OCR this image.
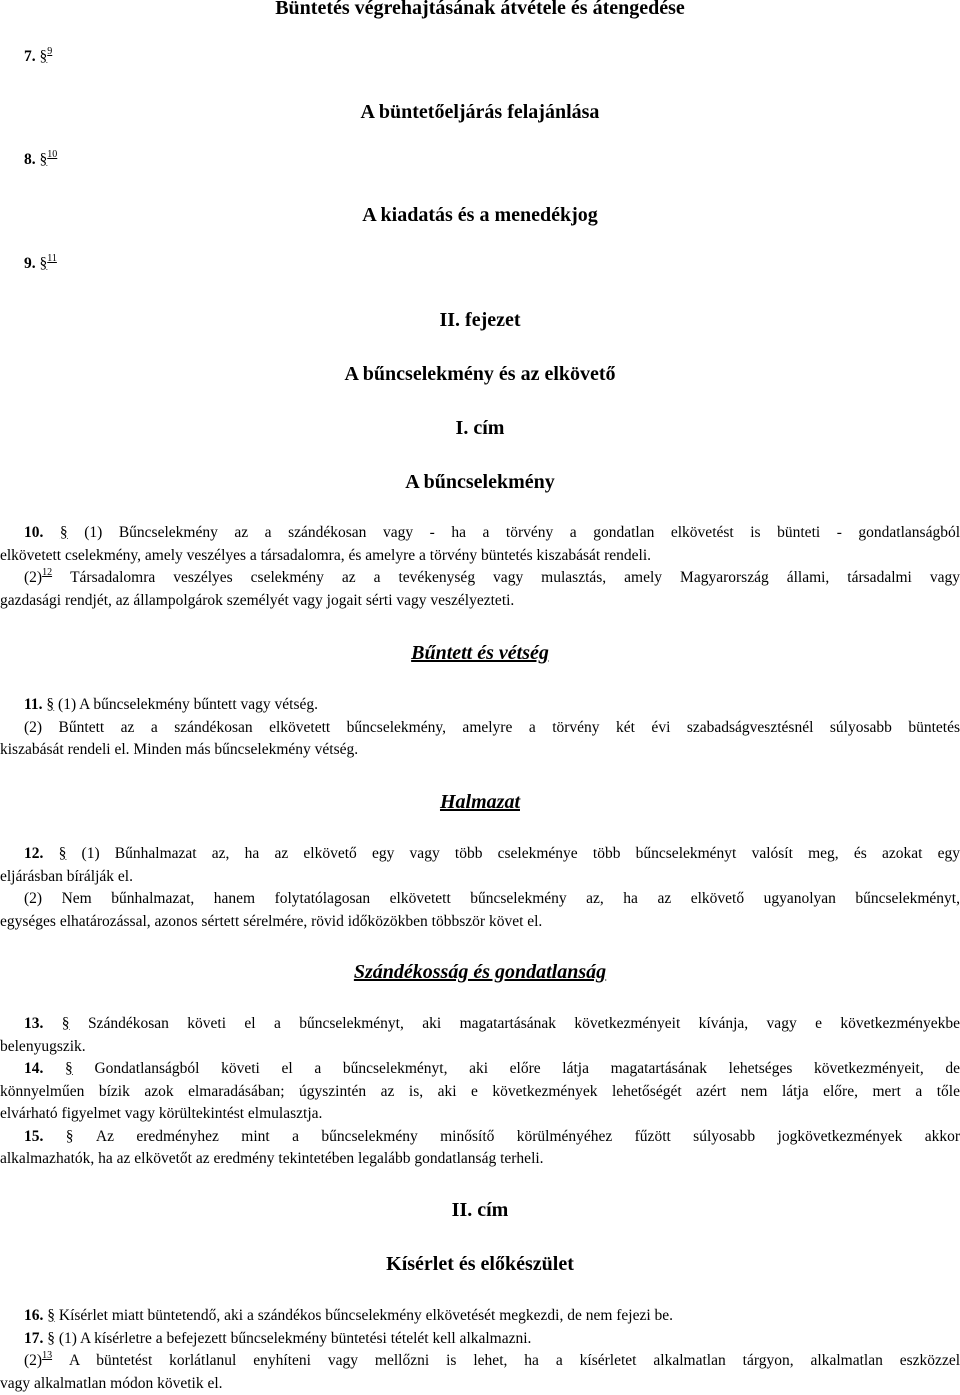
Büntetés végrehajtásának átvétele és átengedése
7. §$^9$
A büntetőeljárás felajánlása
8. §$^{10}$
A kiadatás és a menedékjog
9. §$^{11}$
II. fejezet
A bűncselekmény és az elkövető
I. cím
A bűncselekmény
10. § (1) Bűncselekmény az a szándékosan vagy - ha a törvény a gondatlan elkövetést is bünteti - gondatlanságból
elkövetett cselekmény, amely veszélyes a társadalomra, és amelyre a törvény büntetés kiszabását rendeli.
$(2)^{12}$ Társadalomra veszélyes cselekmény az a tevékenység vagy mulasztás, amely Magyarország állami, társadalmi vagy
gazdasági rendjét, az állampolgárok személyét vagy jogait sérti vagy veszélyezteti.
Bűntett és vétség
11. § (1) A bűncselekmény bűntett vagy vétség.
(2) Bűntett az a szándékosan elkövetett bűncselekmény, amelyre a törvény két évi szabadságvesztésnél súlyosabb büntetés
kiszabását rendeli el. Minden más bűncselekmény vétség.
Halmazat
12. § (1) Bűnhalmazat az, ha az elkövető egy vagy több cselekménye több bűncselekményt valósít meg, és azokat egy
eljárásban bírálják el.
(2) Nem bűnhalmazat, hanem folytatólagosan elkövetett bűncselekmény az, ha az elkövető ugyanolyan bűncselekményt,
egységes elhatározással, azonos sértett sérelmére, rövid időközökben többször követ el.
Szándékosság és gondatlanság
13. § Szándékosan követi el a bűncselekményt, aki magatartásának következményeit kívánja, vagy e következményekbe
belenyugszik.
14. § Gondatlanságból követi el a bűncselekményt, aki előre látja magatartásának lehetséges következményeit, de
könnyelműen bízik azok elmaradásában; úgyszintén az is, aki e következmények lehetőségét azért nem látja előre, mert a tőle
elvárható figyelmet vagy körültekintést elmulasztja.
15. § Az eredményhez mint a bűncselekmény minősítő körülményéhez fűzött súlyosabb jogkövetkezmények akkor
alkalmazhatók, ha az elkövetőt az eredmény tekintetében legalább gondatlanság terheli.
II. cím
Kísérlet és előkészület
16. § Kísérlet miatt büntetendő, aki a szándékos bűncselekmény elkövetését megkezdi, de nem fejezi be.
17. § (1) A kísérletre a befejezett bűncselekmény büntetési tételét kell alkalmazni.
$(2)^{13}$ A büntetést korlátlanul enyhíteni vagy mellőzni is lehet, ha a kísérletet alkalmatlan tárgyon, alkalmatlan eszközzel
vagy alkalmatlan módon követik el.
